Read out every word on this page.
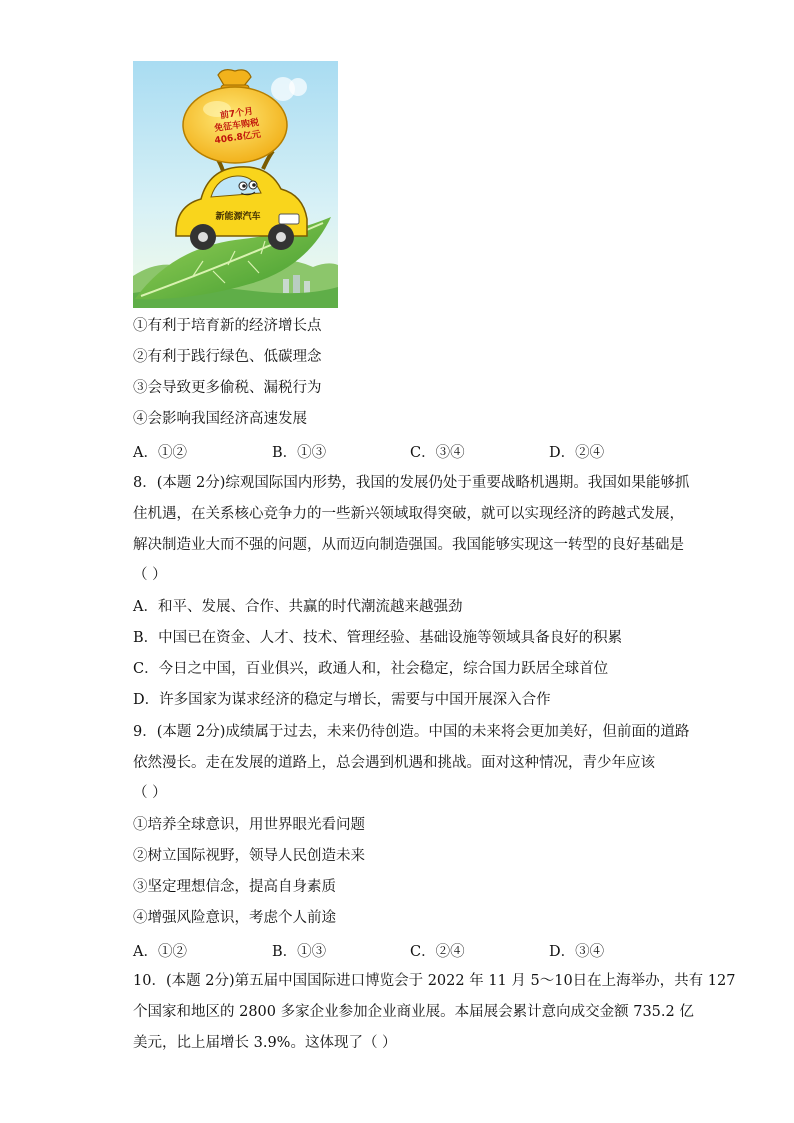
新能源汽车
前7个月
免征车购税
406.8亿元
①有利于培育新的经济增长点
②有利于践行绿色、低碳理念
③会导致更多偷税、漏税行为
④会影响我国经济高速发展
A．①②	B．①③	C．③④	D．②④
8．(本题 2分)综观国际国内形势，我国的发展仍处于重要战略机遇期。我国如果能够抓
住机遇，在关系核心竞争力的一些新兴领域取得突破，就可以实现经济的跨越式发展，
解决制造业大而不强的问题，从而迈向制造强国。我国能够实现这一转型的良好基础是
（ ）
A．和平、发展、合作、共赢的时代潮流越来越强劲
B．中国已在资金、人才、技术、管理经验、基础设施等领域具备良好的积累
C．今日之中国，百业俱兴，政通人和，社会稳定，综合国力跃居全球首位
D．许多国家为谋求经济的稳定与增长，需要与中国开展深入合作
9．(本题 2分)成绩属于过去，未来仍待创造。中国的未来将会更加美好，但前面的道路
依然漫长。走在发展的道路上，总会遇到机遇和挑战。面对这种情况，青少年应该
（ ）
①培养全球意识，用世界眼光看问题
②树立国际视野，领导人民创造未来
③坚定理想信念，提高自身素质
④增强风险意识，考虑个人前途
A．①②	B．①③	C．②④	D．③④
10．(本题 2分)第五届中国国际进口博览会于 2022 年 11 月 5～10日在上海举办，共有 127
个国家和地区的 2800 多家企业参加企业商业展。本届展会累计意向成交金额 735.2 亿
美元，比上届增长 3.9%。这体现了（ ）
